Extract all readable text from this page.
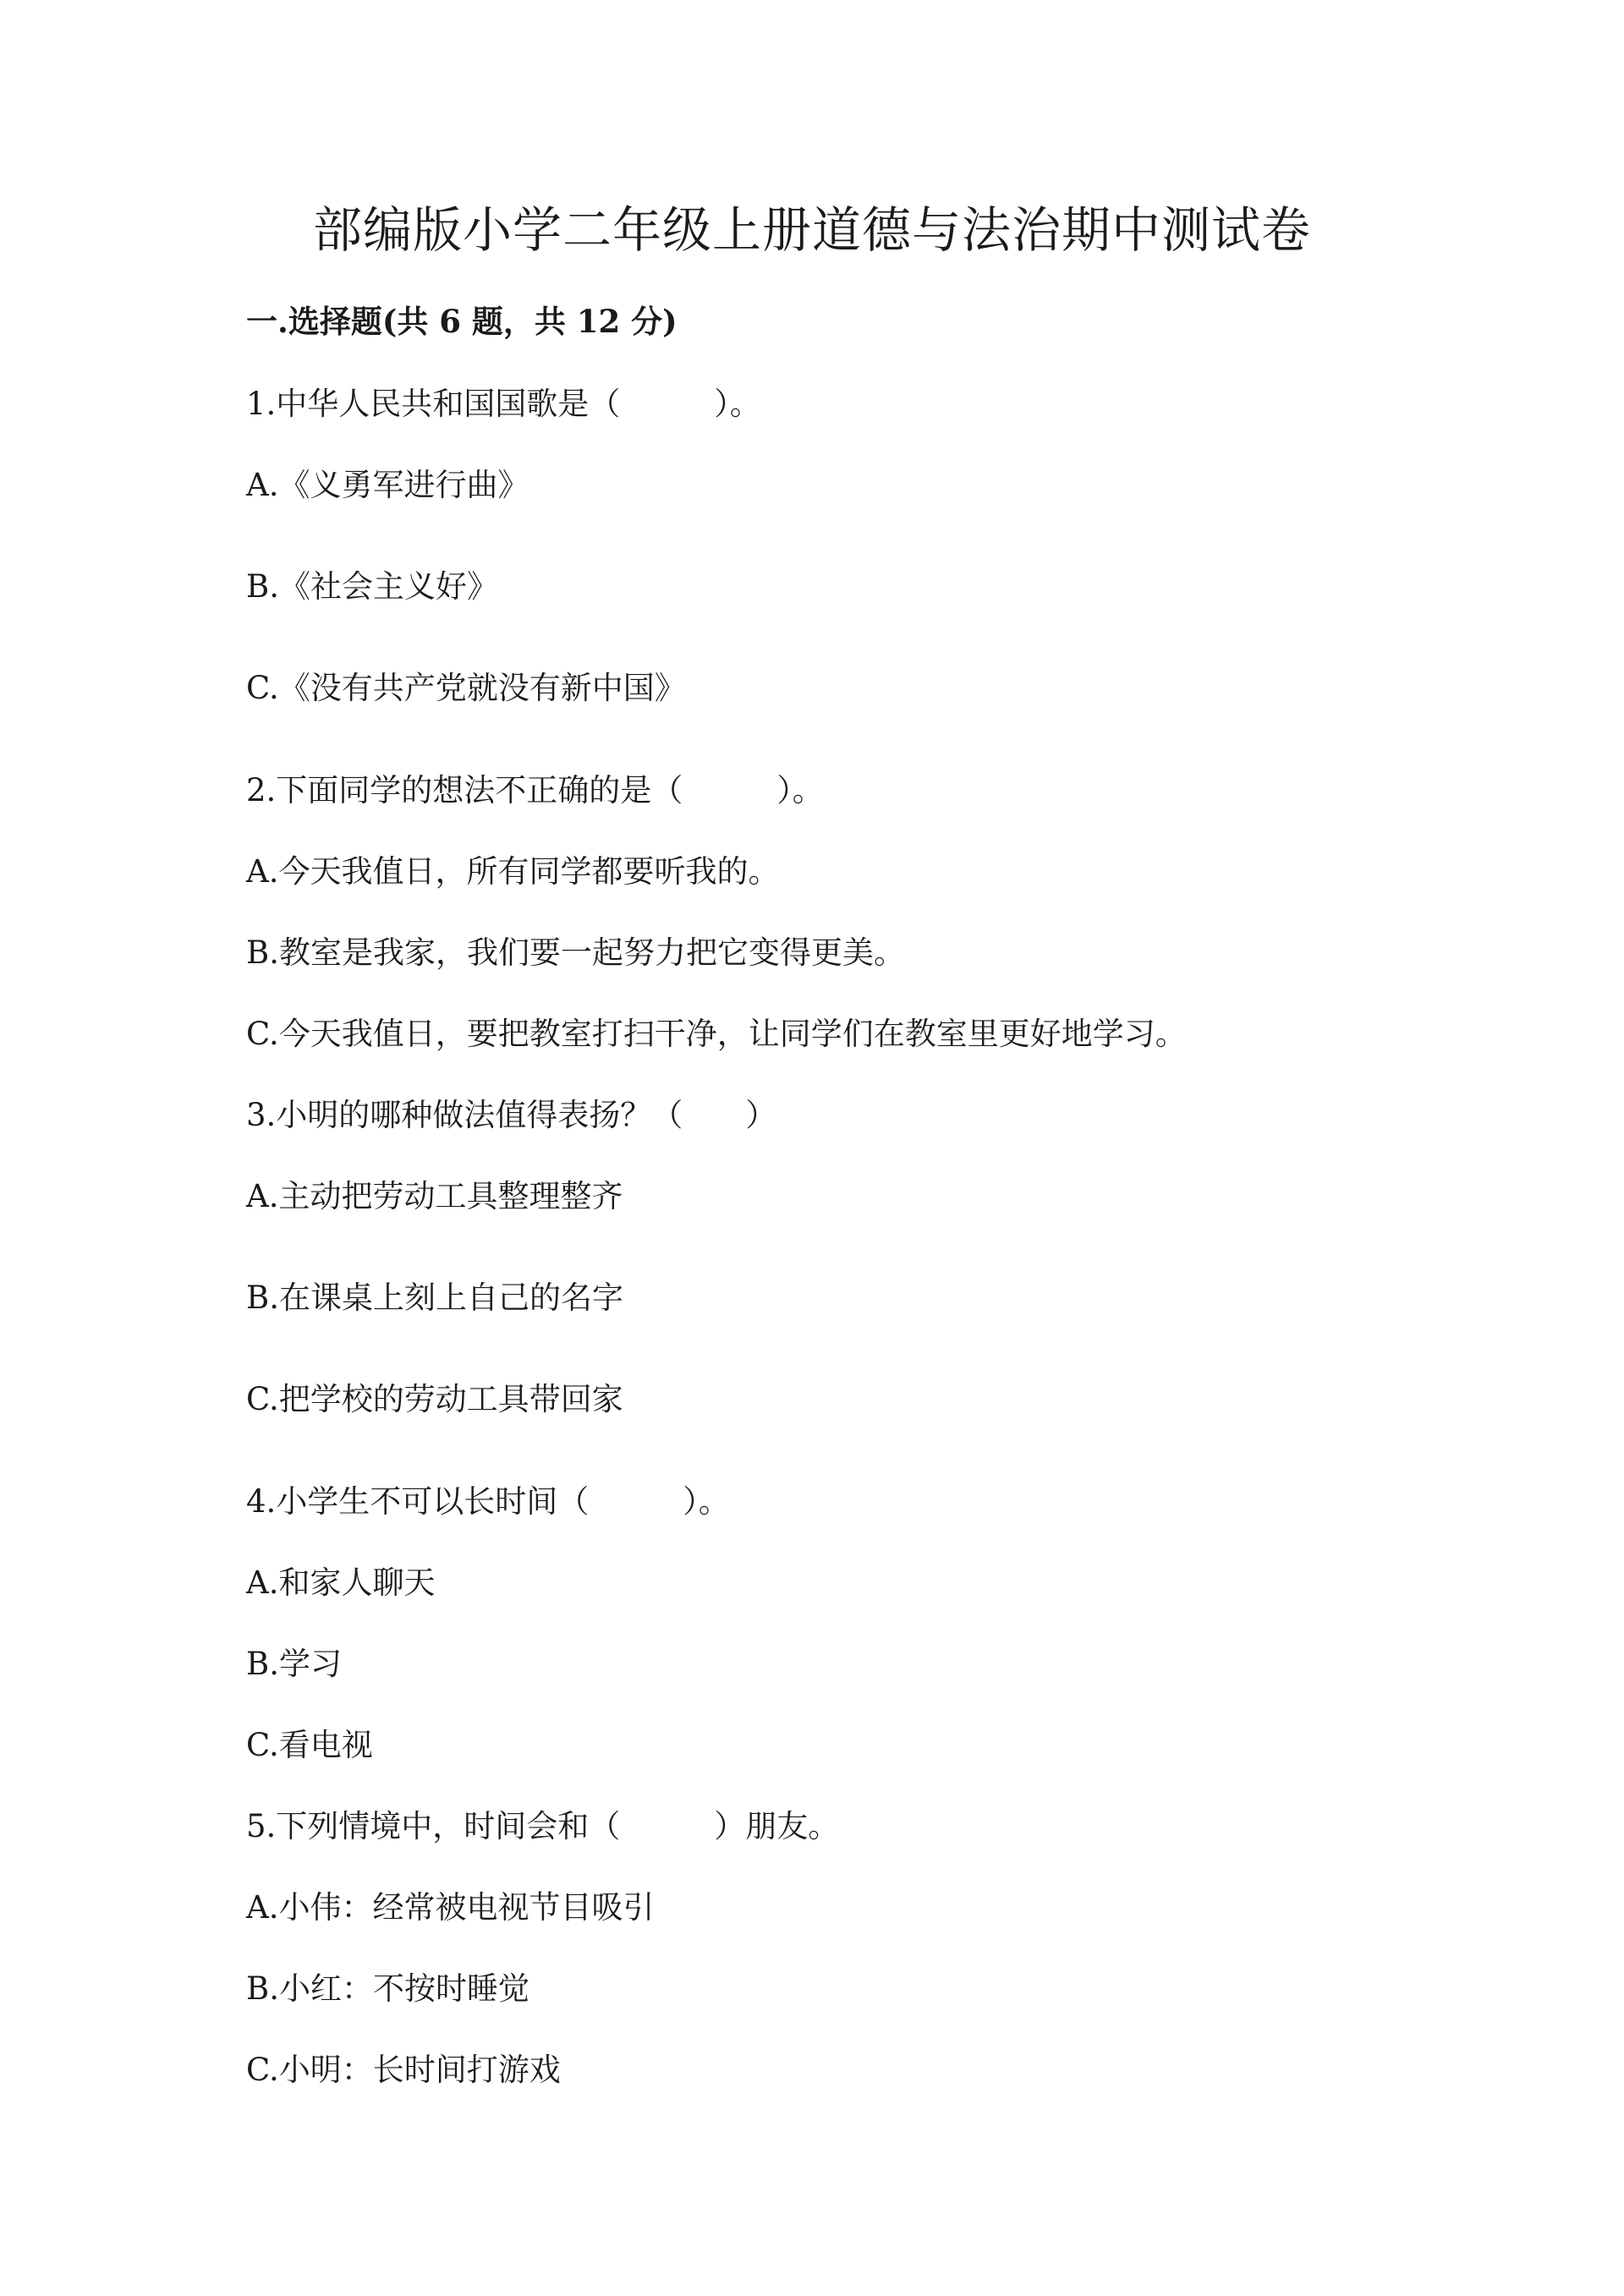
部编版小学二年级上册道德与法治期中测试卷
一.选择题(共 6 题，共 12 分)
1.中华人民共和国国歌是（　　　）。
A.《义勇军进行曲》
B.《社会主义好》
C.《没有共产党就没有新中国》
2.下面同学的想法不正确的是（　　　）。
A.今天我值日，所有同学都要听我的。
B.教室是我家，我们要一起努力把它变得更美。
C.今天我值日，要把教室打扫干净，让同学们在教室里更好地学习。
3.小明的哪种做法值得表扬？（　　）
A.主动把劳动工具整理整齐
B.在课桌上刻上自己的名字
C.把学校的劳动工具带回家
4.小学生不可以长时间（　　　）。
A.和家人聊天
B.学习
C.看电视
5.下列情境中，时间会和（　　　）朋友。
A.小伟：经常被电视节目吸引
B.小红：不按时睡觉
C.小明：长时间打游戏
